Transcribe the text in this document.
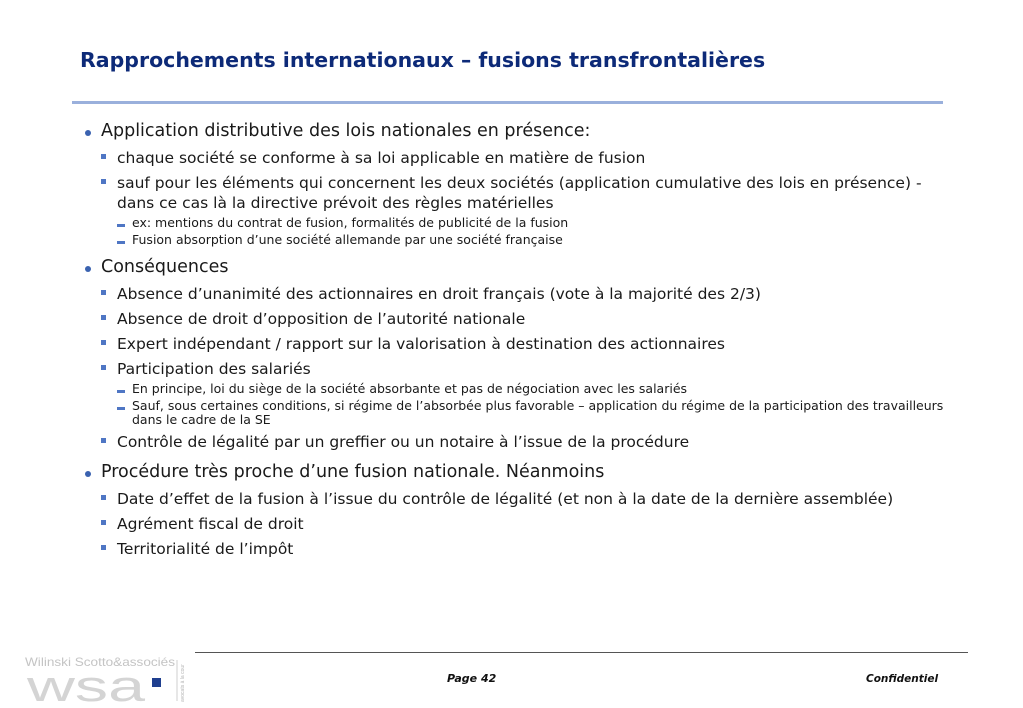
Rapprochements internationaux – fusions transfrontalières
Application distributive des lois nationales en présence:
chaque société se conforme à sa loi applicable en matière de fusion
sauf pour les éléments qui concernent les deux sociétés (application cumulative des lois en présence) - dans ce cas là la directive prévoit des règles matérielles
ex: mentions du contrat de fusion, formalités de publicité de la fusion
Fusion absorption d’une société allemande par une société française
Conséquences
Absence d’unanimité des actionnaires en droit français (vote à la majorité des 2/3)
Absence de droit d’opposition de l’autorité nationale
Expert indépendant / rapport sur la valorisation à destination des actionnaires
Participation des salariés
En principe, loi du siège de la société absorbante et pas de négociation avec les salariés
Sauf, sous certaines conditions, si régime de l’absorbée plus favorable – application du régime de la participation des travailleurs dans le cadre de la SE
Contrôle de légalité par un greffier ou un notaire à l’issue de la procédure
Procédure très proche d’une fusion nationale. Néanmoins
Date d’effet de la fusion à l’issue du contrôle de légalité (et non à la date de la dernière assemblée)
Agrément fiscal de droit
Territorialité de l’impôt
Wilinski Scotto&associés
wsa	avocats à la cour	Page 42	Confidentiel
